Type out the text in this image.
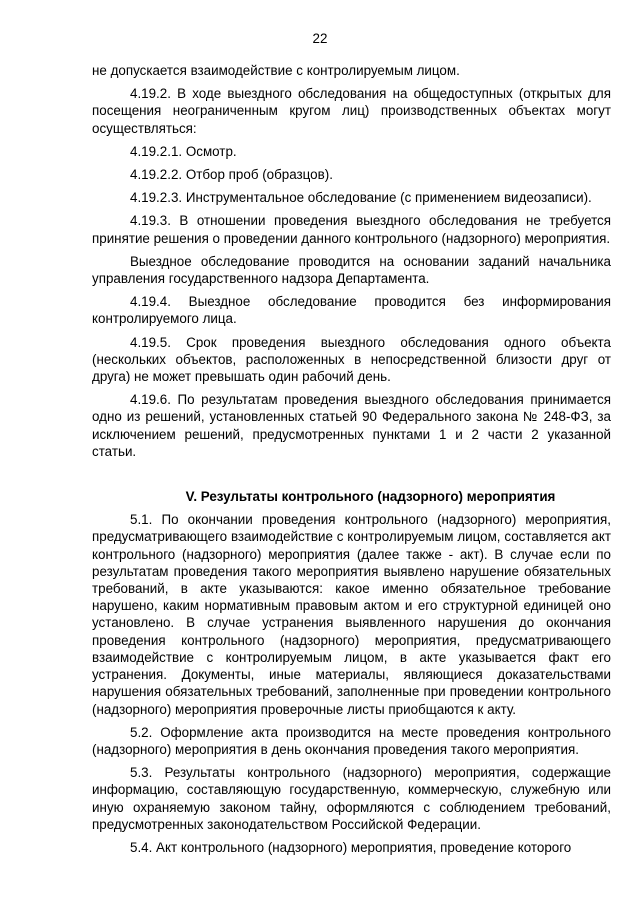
22

не допускается взаимодействие с контролируемым лицом.

4.19.2. В ходе выездного обследования на общедоступных (открытых для посещения неограниченным кругом лиц) производственных объектах могут осуществляться:

4.19.2.1. Осмотр.

4.19.2.2. Отбор проб (образцов).

4.19.2.3. Инструментальное обследование (с применением видеозаписи).

4.19.3. В отношении проведения выездного обследования не требуется принятие решения о проведении данного контрольного (надзорного) мероприятия.

Выездное обследование проводится на основании заданий начальника управления государственного надзора Департамента.

4.19.4. Выездное обследование проводится без информирования контролируемого лица.

4.19.5. Срок проведения выездного обследования одного объекта (нескольких объектов, расположенных в непосредственной близости друг от друга) не может превышать один рабочий день.

4.19.6. По результатам проведения выездного обследования принимается одно из решений, установленных статьей 90 Федерального закона № 248-ФЗ, за исключением решений, предусмотренных пунктами 1 и 2 части 2 указанной статьи.

V. Результаты контрольного (надзорного) мероприятия

5.1. По окончании проведения контрольного (надзорного) мероприятия, предусматривающего взаимодействие с контролируемым лицом, составляется акт контрольного (надзорного) мероприятия (далее также - акт). В случае если по результатам проведения такого мероприятия выявлено нарушение обязательных требований, в акте указываются: какое именно обязательное требование нарушено, каким нормативным правовым актом и его структурной единицей оно установлено. В случае устранения выявленного нарушения до окончания проведения контрольного (надзорного) мероприятия, предусматривающего взаимодействие с контролируемым лицом, в акте указывается факт его устранения. Документы, иные материалы, являющиеся доказательствами нарушения обязательных требований, заполненные при проведении контрольного (надзорного) мероприятия проверочные листы приобщаются к акту.

5.2. Оформление акта производится на месте проведения контрольного (надзорного) мероприятия в день окончания проведения такого мероприятия.

5.3. Результаты контрольного (надзорного) мероприятия, содержащие информацию, составляющую государственную, коммерческую, служебную или иную охраняемую законом тайну, оформляются с соблюдением требований, предусмотренных законодательством Российской Федерации.

5.4. Акт контрольного (надзорного) мероприятия, проведение которого
